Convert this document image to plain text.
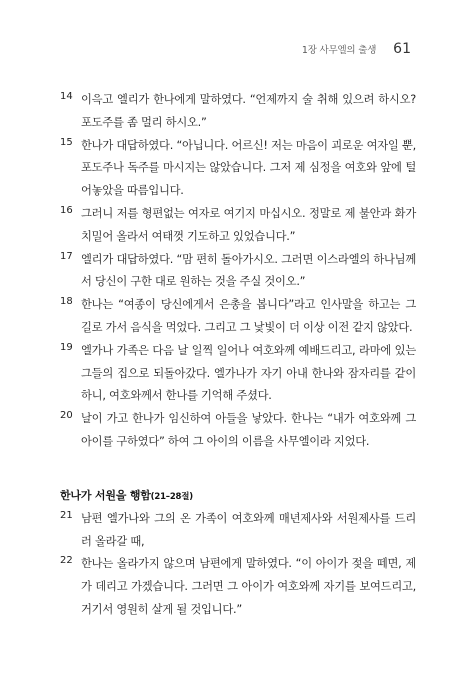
1장 사무엘의 출생 61
14 이윽고 엘리가 한나에게 말하였다. “언제까지 술 취해 있으려 하시오? 포도주를 좀 멀리 하시오.”
15 한나가 대답하였다. “아닙니다. 어르신! 저는 마음이 괴로운 여자일 뿐, 포도주나 독주를 마시지는 않았습니다. 그저 제 심정을 여호와 앞에 털어놓았을 따름입니다.
16 그러니 저를 형편없는 여자로 여기지 마십시오. 정말로 제 불안과 화가 치밀어 올라서 여태껏 기도하고 있었습니다.”
17 엘리가 대답하였다. “맘 편히 돌아가시오. 그러면 이스라엘의 하나님께서 당신이 구한 대로 원하는 것을 주실 것이오.”
18 한나는 “여종이 당신에게서 은총을 봅니다”라고 인사말을 하고는 그 길로 가서 음식을 먹었다. 그리고 그 낯빛이 더 이상 이전 같지 않았다.
19 엘가나 가족은 다음 날 일찍 일어나 여호와께 예배드리고, 라마에 있는 그들의 집으로 되돌아갔다. 엘가나가 자기 아내 한나와 잠자리를 같이 하니, 여호와께서 한나를 기억해 주셨다.
20 날이 가고 한나가 임신하여 아들을 낳았다. 한나는 “내가 여호와께 그 아이를 구하였다” 하여 그 아이의 이름을 사무엘이라 지었다.
한나가 서원을 행함(21–28절)
21 남편 엘가나와 그의 온 가족이 여호와께 매년제사와 서원제사를 드리러 올라갈 때,
22 한나는 올라가지 않으며 남편에게 말하였다. “이 아이가 젖을 떼면, 제가 데리고 가겠습니다. 그러면 그 아이가 여호와께 자기를 보여드리고, 거기서 영원히 살게 될 것입니다.”
